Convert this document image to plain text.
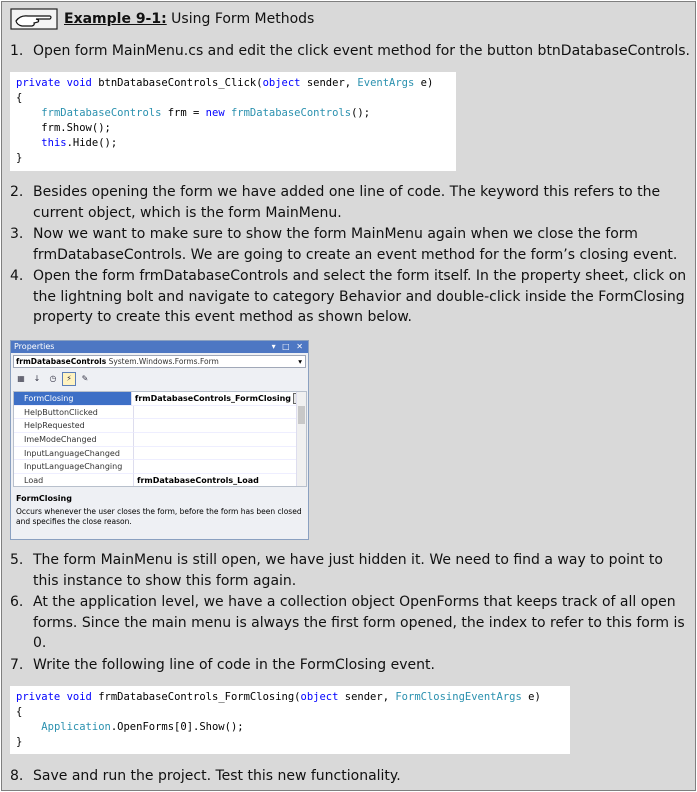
Example 9-1: Using Form Methods
1. Open form MainMenu.cs and edit the click event method for the button btnDatabaseControls.
private void btnDatabaseControls_Click(object sender, EventArgs e)
{
frmDatabaseControls frm = new frmDatabaseControls();
frm.Show();
this.Hide();
}
2. Besides opening the form we have added one line of code. The keyword this refers to the current object, which is the form MainMenu.
3. Now we want to make sure to show the form MainMenu again when we close the form frmDatabaseControls. We are going to create an event method for the form’s closing event.
4. Open the form frmDatabaseControls and select the form itself. In the property sheet, click on the lightning bolt and navigate to category Behavior and double-click inside the FormClosing property to create this event method as shown below.
Properties	▾ □ ✕
frmDatabaseControls System.Windows.Forms.Form	▾
▦	↓	◷	⚡	✎
FormClosing	frmDatabaseControls_FormClosing
HelpButtonClicked
HelpRequested
ImeModeChanged
InputLanguageChanged
InputLanguageChanging
Load	frmDatabaseControls_Load
FormClosing
Occurs whenever the user closes the form, before the form has been closed and specifies the close reason.
5. The form MainMenu is still open, we have just hidden it. We need to find a way to point to this instance to show this form again.
6. At the application level, we have a collection object OpenForms that keeps track of all open forms. Since the main menu is always the first form opened, the index to refer to this form is 0.
7. Write the following line of code in the FormClosing event.
private void frmDatabaseControls_FormClosing(object sender, FormClosingEventArgs e)
{
Application.OpenForms[0].Show();
}
8. Save and run the project. Test this new functionality.
